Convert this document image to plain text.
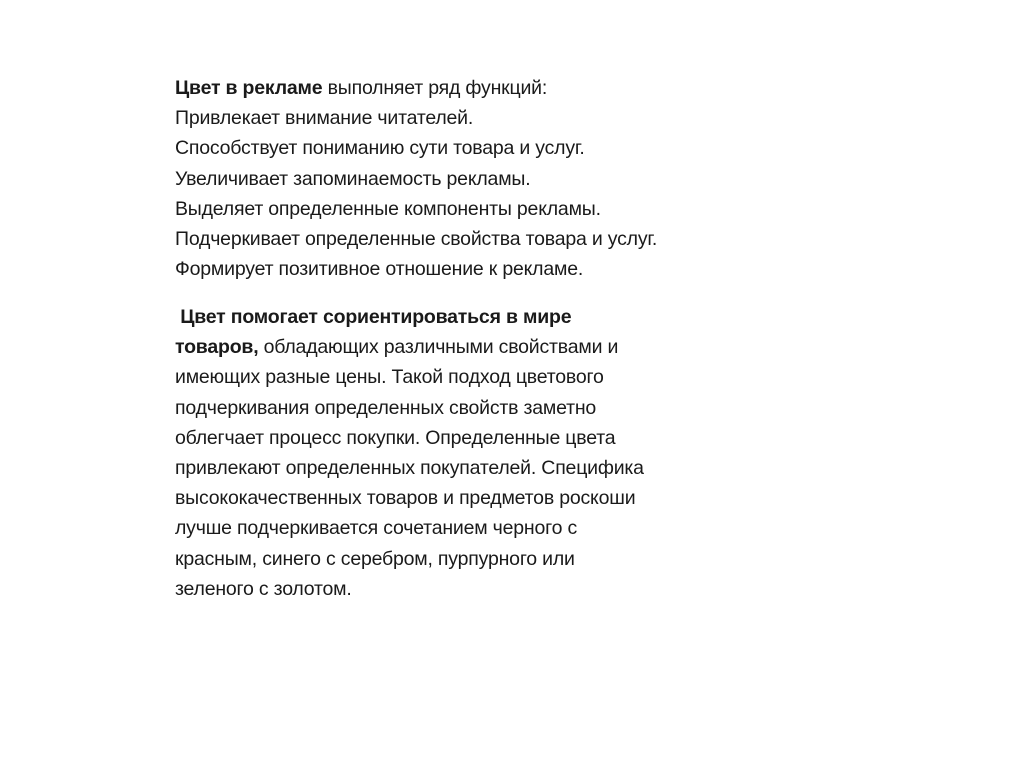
Цвет в рекламе выполняет ряд функций:
Привлекает внимание читателей.
Способствует пониманию сути товара и услуг.
Увеличивает запоминаемость рекламы.
Выделяет определенные компоненты рекламы.
Подчеркивает определенные свойства товара и услуг.
Формирует позитивное отношение к рекламе.
Цвет помогает сориентироваться в мире
товаров, обладающих различными свойствами и
имеющих разные цены. Такой подход цветового
подчеркивания определенных свойств заметно
облегчает процесс покупки. Определенные цвета
привлекают определенных покупателей. Специфика
высококачественных товаров и предметов роскоши
лучше подчеркивается сочетанием черного с
красным, синего с серебром, пурпурного или
зеленого с золотом.
